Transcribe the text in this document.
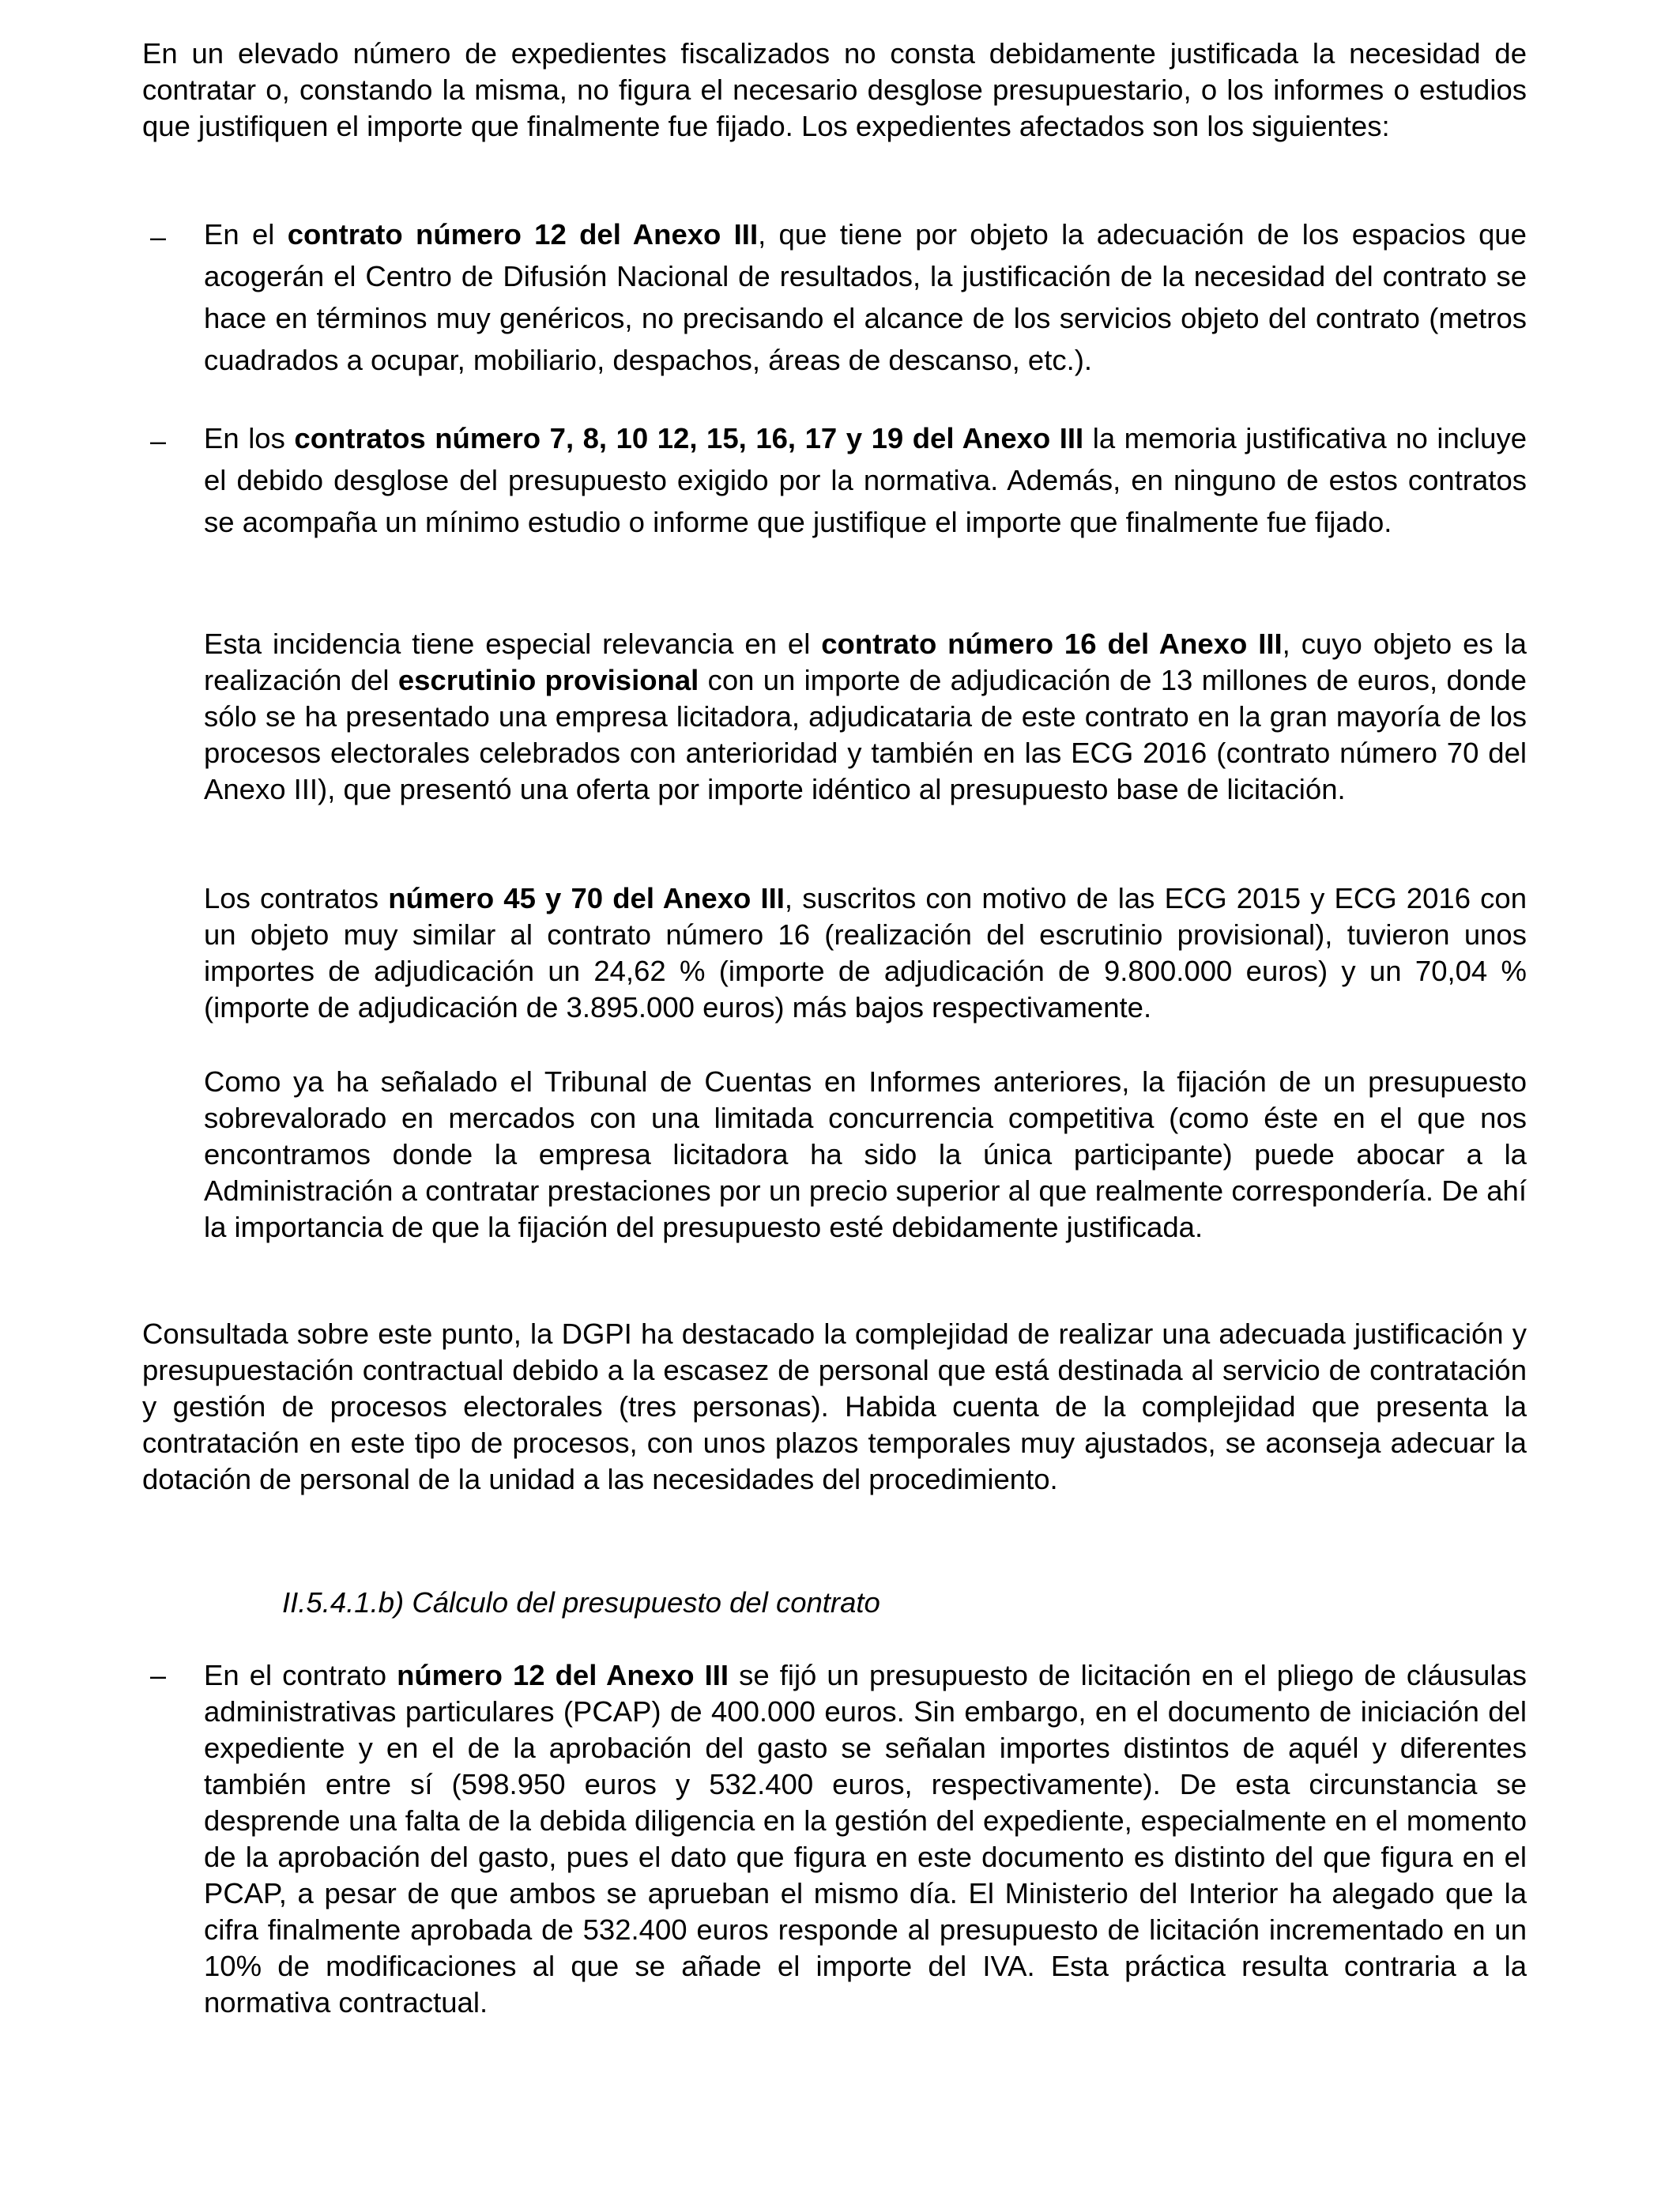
En un elevado número de expedientes fiscalizados no consta debidamente justificada la necesidad de contratar o, constando la misma, no figura el necesario desglose presupuestario, o los informes o estudios que justifiquen el importe que finalmente fue fijado. Los expedientes afectados son los siguientes:

– En el contrato número 12 del Anexo III, que tiene por objeto la adecuación de los espacios que acogerán el Centro de Difusión Nacional de resultados, la justificación de la necesidad del contrato se hace en términos muy genéricos, no precisando el alcance de los servicios objeto del contrato (metros cuadrados a ocupar, mobiliario, despachos, áreas de descanso, etc.).

– En los contratos número 7, 8, 10 12, 15, 16, 17 y 19 del Anexo III la memoria justificativa no incluye el debido desglose del presupuesto exigido por la normativa. Además, en ninguno de estos contratos se acompaña un mínimo estudio o informe que justifique el importe que finalmente fue fijado.

Esta incidencia tiene especial relevancia en el contrato número 16 del Anexo III, cuyo objeto es la realización del escrutinio provisional con un importe de adjudicación de 13 millones de euros, donde sólo se ha presentado una empresa licitadora, adjudicataria de este contrato en la gran mayoría de los procesos electorales celebrados con anterioridad y también en las ECG 2016 (contrato número 70 del Anexo III), que presentó una oferta por importe idéntico al presupuesto base de licitación.

Los contratos número 45 y 70 del Anexo III, suscritos con motivo de las ECG 2015 y ECG 2016 con un objeto muy similar al contrato número 16 (realización del escrutinio provisional), tuvieron unos importes de adjudicación un 24,62 % (importe de adjudicación de 9.800.000 euros) y un 70,04 % (importe de adjudicación de 3.895.000 euros) más bajos respectivamente.

Como ya ha señalado el Tribunal de Cuentas en Informes anteriores, la fijación de un presupuesto sobrevalorado en mercados con una limitada concurrencia competitiva (como éste en el que nos encontramos donde la empresa licitadora ha sido la única participante) puede abocar a la Administración a contratar prestaciones por un precio superior al que realmente correspondería. De ahí la importancia de que la fijación del presupuesto esté debidamente justificada.

Consultada sobre este punto, la DGPI ha destacado la complejidad de realizar una adecuada justificación y presupuestación contractual debido a la escasez de personal que está destinada al servicio de contratación y gestión de procesos electorales (tres personas). Habida cuenta de la complejidad que presenta la contratación en este tipo de procesos, con unos plazos temporales muy ajustados, se aconseja adecuar la dotación de personal de la unidad a las necesidades del procedimiento.

II.5.4.1.b) Cálculo del presupuesto del contrato

– En el contrato número 12 del Anexo III se fijó un presupuesto de licitación en el pliego de cláusulas administrativas particulares (PCAP) de 400.000 euros. Sin embargo, en el documento de iniciación del expediente y en el de la aprobación del gasto se señalan importes distintos de aquél y diferentes también entre sí (598.950 euros y 532.400 euros, respectivamente). De esta circunstancia se desprende una falta de la debida diligencia en la gestión del expediente, especialmente en el momento de la aprobación del gasto, pues el dato que figura en este documento es distinto del que figura en el PCAP, a pesar de que ambos se aprueban el mismo día. El Ministerio del Interior ha alegado que la cifra finalmente aprobada de 532.400 euros responde al presupuesto de licitación incrementado en un 10% de modificaciones al que se añade el importe del IVA. Esta práctica resulta contraria a la normativa contractual.
